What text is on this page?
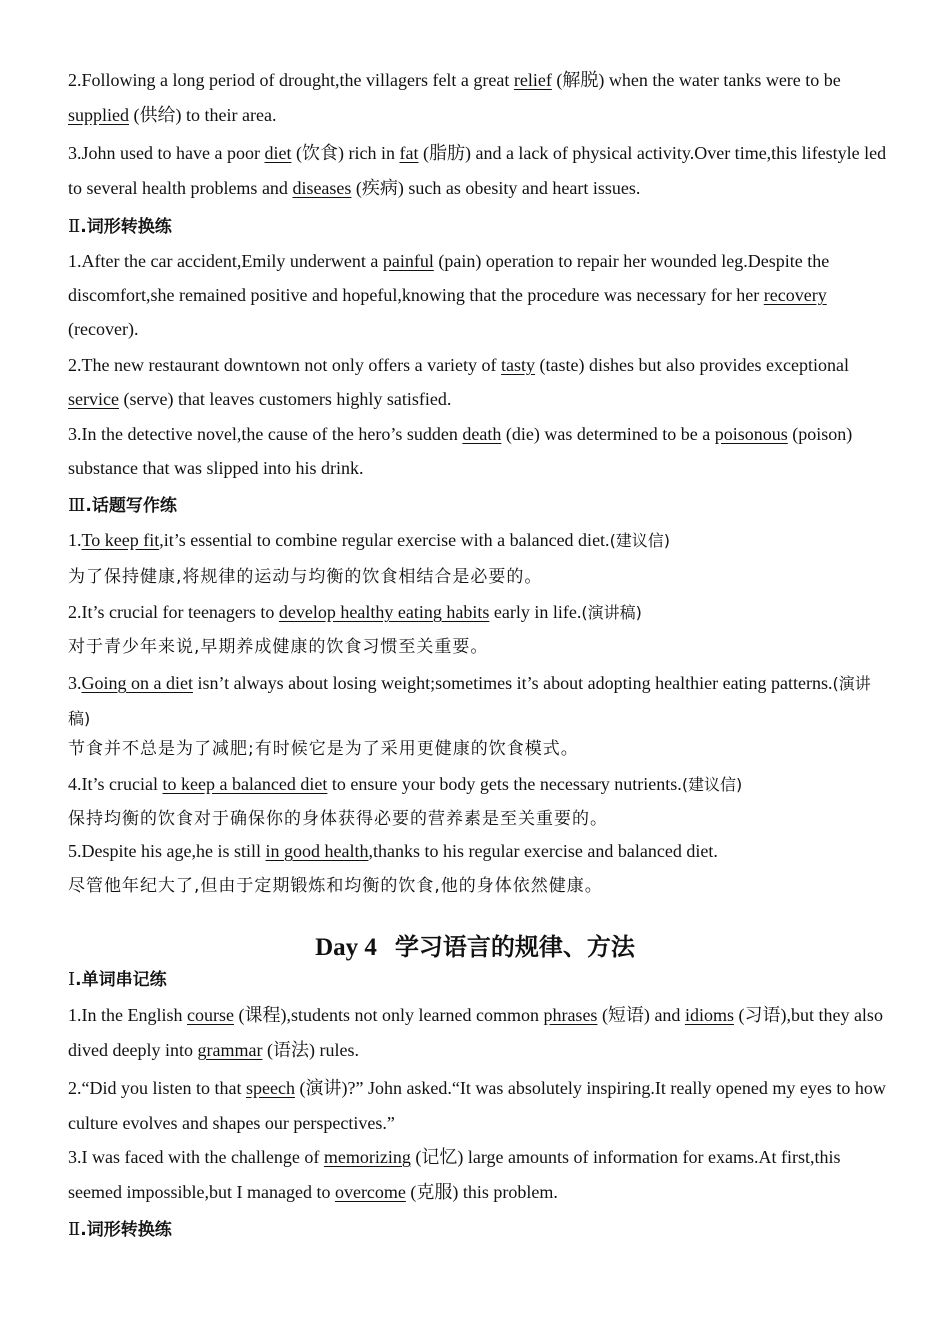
2.Following a long period of drought,the villagers felt a great relief (解脱) when the water tanks were to be supplied (供给) to their area.

3.John used to have a poor diet (饮食) rich in fat (脂肪) and a lack of physical activity.Over time,this lifestyle led to several health problems and diseases (疾病) such as obesity and heart issues.

Ⅱ.词形转换练

1.After the car accident,Emily underwent a painful (pain) operation to repair her wounded leg.Despite the discomfort,she remained positive and hopeful,knowing that the procedure was necessary for her recovery (recover).

2.The new restaurant downtown not only offers a variety of tasty (taste) dishes but also provides exceptional service (serve) that leaves customers highly satisfied.

3.In the detective novel,the cause of the hero’s sudden death (die) was determined to be a poisonous (poison) substance that was slipped into his drink.

Ⅲ.话题写作练

1.To keep fit,it’s essential to combine regular exercise with a balanced diet.(建议信)

为了保持健康,将规律的运动与均衡的饮食相结合是必要的。

2.It’s crucial for teenagers to develop healthy eating habits early in life.(演讲稿)

对于青少年来说,早期养成健康的饮食习惯至关重要。

3.Going on a diet isn’t always about losing weight;sometimes it’s about adopting healthier eating patterns.(演讲稿)

节食并不总是为了减肥;有时候它是为了采用更健康的饮食模式。

4.It’s crucial to keep a balanced diet to ensure your body gets the necessary nutrients.(建议信)

保持均衡的饮食对于确保你的身体获得必要的营养素是至关重要的。

5.Despite his age,he is still in good health,thanks to his regular exercise and balanced diet.

尽管他年纪大了,但由于定期锻炼和均衡的饮食,他的身体依然健康。
Day 4 学习语言的规律、方法
Ⅰ.单词串记练

1.In the English course (课程),students not only learned common phrases (短语) and idioms (习语),but they also dived deeply into grammar (语法) rules.

2.“Did you listen to that speech (演讲)?” John asked.“It was absolutely inspiring.It really opened my eyes to how culture evolves and shapes our perspectives.”

3.I was faced with the challenge of memorizing (记忆) large amounts of information for exams.At first,this seemed impossible,but I managed to overcome (克服) this problem.

Ⅱ.词形转换练
